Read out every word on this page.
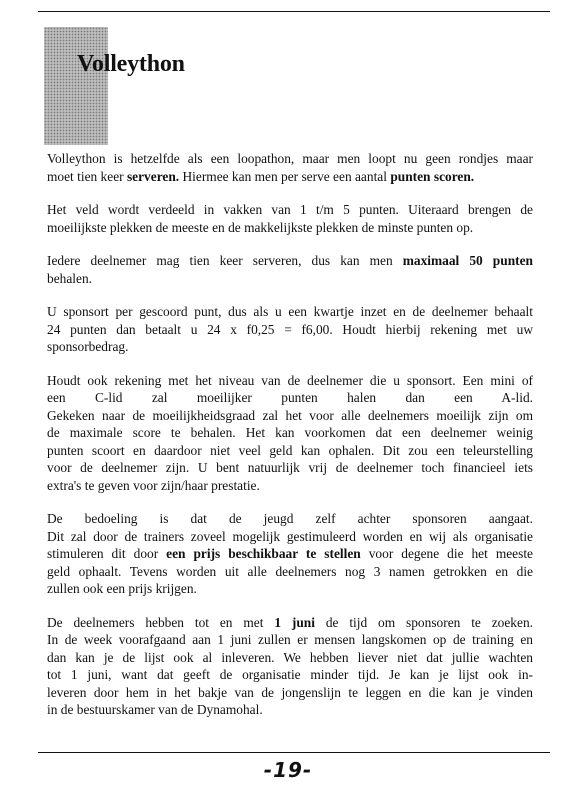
Volleython

Volleython is hetzelfde als een loopathon, maar men loopt nu geen rondjes maar
moet tien keer serveren. Hiermee kan men per serve een aantal punten scoren.

Het veld wordt verdeeld in vakken van 1 t/m 5 punten. Uiteraard brengen de
moeilijkste plekken de meeste en de makkelijkste plekken de minste punten op.

Iedere deelnemer mag tien keer serveren, dus kan men maximaal 50 punten
behalen.

U sponsort per gescoord punt, dus als u een kwartje inzet en de deelnemer behaalt
24 punten dan betaalt u 24 x f0,25 = f6,00. Houdt hierbij rekening met uw
sponsorbedrag.

Houdt ook rekening met het niveau van de deelnemer die u sponsort. Een mini of
een C-lid zal moeilijker punten halen dan een A-lid.
Gekeken naar de moeilijkheidsgraad zal het voor alle deelnemers moeilijk zijn om
de maximale score te behalen. Het kan voorkomen dat een deelnemer weinig
punten scoort en daardoor niet veel geld kan ophalen. Dit zou een teleurstelling
voor de deelnemer zijn. U bent natuurlijk vrij de deelnemer toch financieel iets
extra's te geven voor zijn/haar prestatie.

De bedoeling is dat de jeugd zelf achter sponsoren aangaat.
Dit zal door de trainers zoveel mogelijk gestimuleerd worden en wij als organisatie
stimuleren dit door een prijs beschikbaar te stellen voor degene die het meeste
geld ophaalt. Tevens worden uit alle deelnemers nog 3 namen getrokken en die
zullen ook een prijs krijgen.

De deelnemers hebben tot en met 1 juni de tijd om sponsoren te zoeken.
In de week voorafgaand aan 1 juni zullen er mensen langskomen op de training en
dan kan je de lijst ook al inleveren. We hebben liever niet dat jullie wachten
tot 1 juni, want dat geeft de organisatie minder tijd. Je kan je lijst ook in-
leveren door hem in het bakje van de jongenslijn te leggen en die kan je vinden
in de bestuurskamer van de Dynamohal.

-19-
